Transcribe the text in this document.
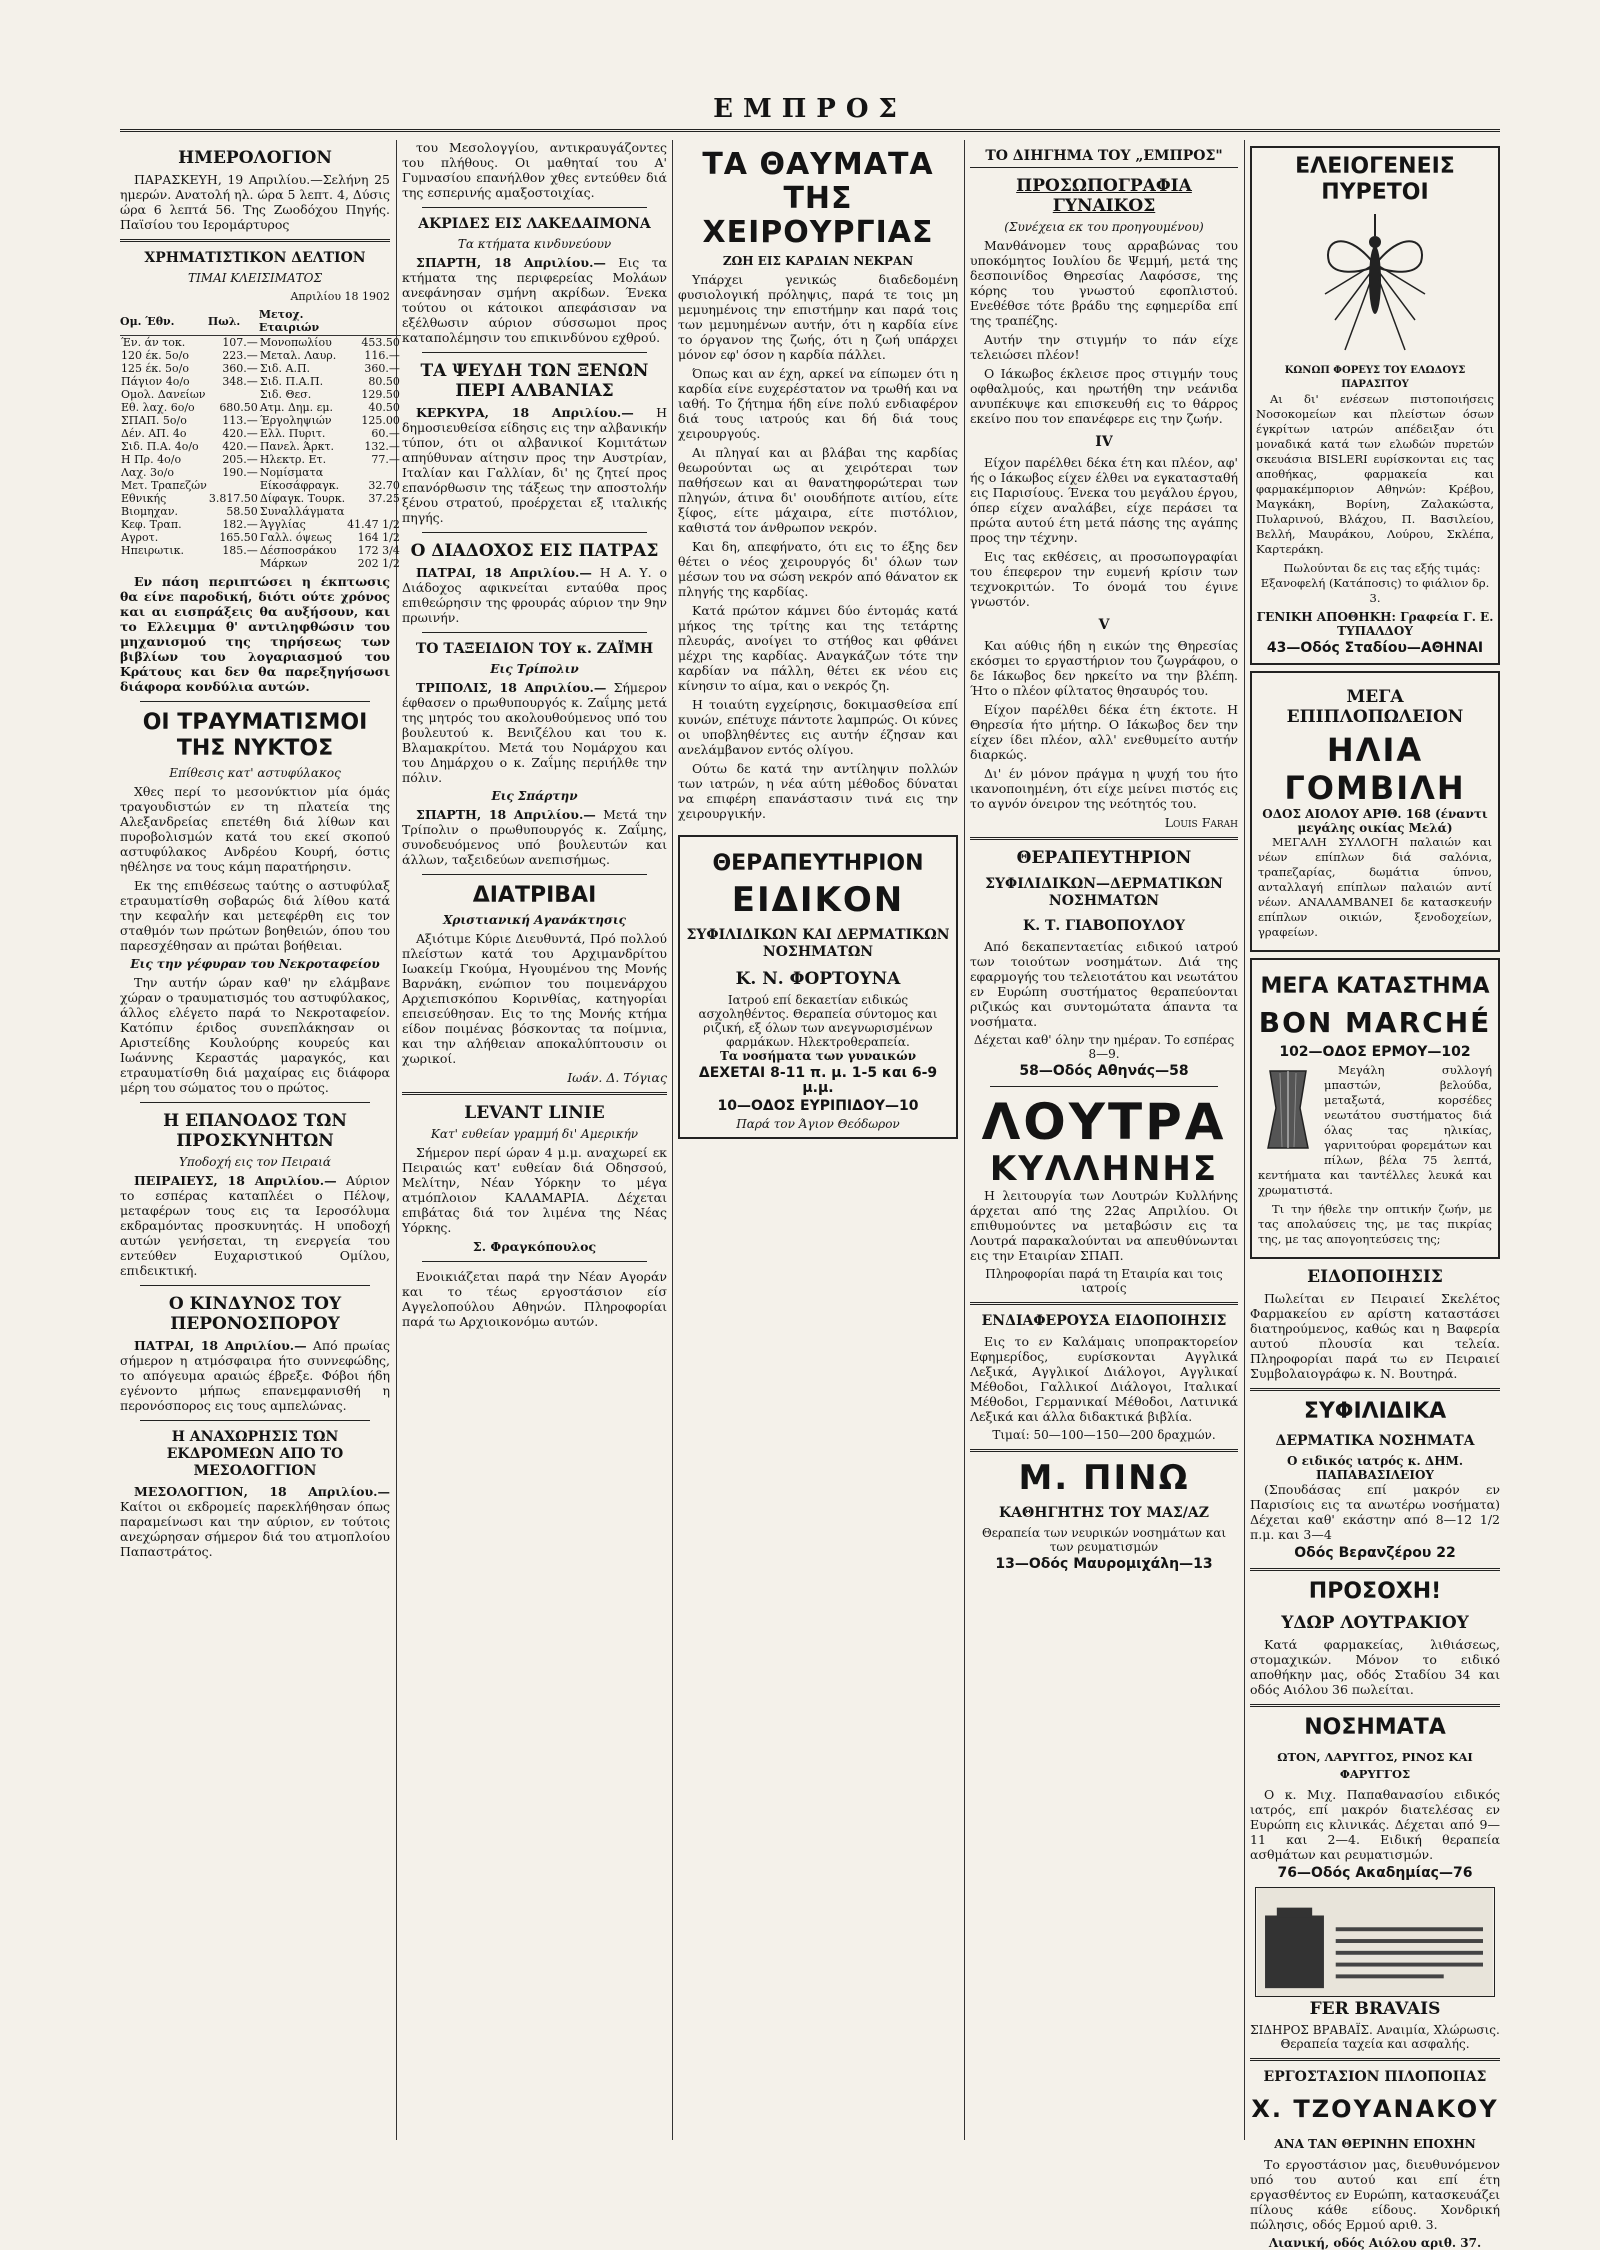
ΕΜΠΡΟΣ
ΗΜΕΡΟΛΟΓΙΟΝ

ΠΑΡΑΣΚΕΥΗ, 19 Απριλίου.—Σελήνη 25 ημερών. Ανατολή ηλ. ώρα 5 λεπτ. 4, Δύσις ώρα 6 λεπτά 56. Της Ζωοδόχου Πηγής. Παϊσίου του Ιερομάρτυρος

ΧΡΗΜΑΤΙΣΤΙΚΟΝ ΔΕΛΤΙΟΝ
ΤΙΜΑΙ ΚΛΕΙΣΙΜΑΤΟΣ
Απριλίου 18 1902
Ομ. Έθν.	Πωλ.	Μετοχ. Εταιριών	
Έν. άν τοκ.	107.—	Μονοπωλίου	453.50
120 έκ. 5ο/ο	223.—	Μεταλ. Λαυρ.	116.—
125 έκ. 5ο/ο	360.—	Σιδ. Α.Π.	360.—
Πάγιον 4ο/ο	348.—	Σιδ. Π.Α.Π.	80.50
Ομολ. Δανείων		Σιδ. Θεσ.	129.50
Εθ. λαχ. 6ο/ο	680.50	Ατμ. Δημ. εμ.	40.50
ΣΠΑΠ. 5ο/ο	113.—	Έργοληψιών	125.00
Δέν. ΑΠ. 4ο	420.—	Ελλ. Πυριτ.	60.—
Σιδ. Π.Α. 4ο/ο	420.—	Πανελ. Άρκτ.	132.—
Η Πρ. 4ο/ο	205.—	Ηλεκτρ. Ετ.	77.—
Λαχ. 3ο/ο	190.—	Νομίσματα	
Μετ. Τραπεζών		Είκοσάφραγκ.	32.70
Εθνικής	3.817.50	Δίφαγκ. Τουρκ.	37.25
Βιομηχαν.	58.50	Συναλλάγματα	
Κεφ. Τραπ.	182.—	Άγγλίας	41.47 1/2
Αγροτ.	165.50	Γαλλ. όψεως	164 1/2
Ηπειρωτικ.	185.—	Δέσποσράκου	172 3/4
		Μάρκων	202 1/2

Εν πάση περιπτώσει η έκπτωσις θα είνε παροδική, διότι ούτε χρόνος και αι εισπράξεις θα αυξήσουν, και το Ελλειμμα θ' αντιληφθώσιν του μηχανισμού της τηρήσεως των βιβλίων του λογαριασμού του Κράτους και δεν θα παρεξηγήσωσι διάφορα κονδύλια αυτών.

ΟΙ ΤΡΑΥΜΑΤΙΣΜΟΙ ΤΗΣ ΝΥΚΤΟΣ
Επίθεσις κατ' αστυφύλακος

Χθες περί το μεσονύκτιον μία όμάς τραγουδιστών εν τη πλατεία της Αλεξανδρείας επετέθη διά λίθων και πυροβολισμών κατά του εκεί σκοπού αστυφύλακος Ανδρέου Κουρή, όστις ηθέλησε να τους κάμη παρατήρησιν.

Εκ της επιθέσεως ταύτης ο αστυφύλαξ ετραυματίσθη σοβαρώς διά λίθου κατά την κεφαλήν και μετεφέρθη εις τον σταθμόν των πρώτων βοηθειών, όπου του παρεσχέθησαν αι πρώται βοήθειαι.

Εις την γέφυραν του Νεκροταφείου

Την αυτήν ώραν καθ' ην ελάμβανε χώραν ο τραυματισμός του αστυφύλακος, άλλος ελέγετο παρά το Νεκροταφείον. Κατόπιν έριδος συνεπλάκησαν οι Αριστείδης Κουλούρης κουρεύς και Ιωάννης Κεραστάς μαραγκός, και ετραυματίσθη διά μαχαίρας εις διάφορα μέρη του σώματος του ο πρώτος.

Η ΕΠΑΝΟΔΟΣ ΤΩΝ ΠΡΟΣΚΥΝΗΤΩΝ
Υποδοχή εις τον Πειραιά

ΠΕΙΡΑΙΕΥΣ, 18 Απριλίου.— Αύριον το εσπέρας καταπλέει ο Πέλοψ, μεταφέρων τους εις τα Ιεροσόλυμα εκδραμόντας προσκυνητάς. Η υποδοχή αυτών γενήσεται, τη ενεργεία του εντεύθεν Ευχαριστικού Ομίλου, επιδεικτική.

Ο ΚΙΝΔΥΝΟΣ ΤΟΥ ΠΕΡΟΝΟΣΠΟΡΟΥ

ΠΑΤΡΑΙ, 18 Απριλίου.— Από πρωίας σήμερον η ατμόσφαιρα ήτο συννεφώδης, το απόγευμα αραιώς έβρεξε. Φόβοι ήδη εγένοντο μήπως επανεμφανισθή η περονόσπορος εις τους αμπελώνας.

Η ΑΝΑΧΩΡΗΣΙΣ ΤΩΝ ΕΚΔΡΟΜΕΩΝ ΑΠΟ ΤΟ ΜΕΣΟΛΟΓΓΙΟΝ

ΜΕΣΟΛΟΓΓΙΟΝ, 18 Απριλίου.— Καίτοι οι εκδρομείς παρεκλήθησαν όπως παραμείνωσι και την αύριον, εν τούτοις ανεχώρησαν σήμερον διά του ατμοπλοίου Παπαστράτος.

του Μεσολογγίου, αντικραυγάζοντες του πλήθους. Οι μαθηταί του Α' Γυμνασίου επανήλθον χθες εντεύθεν διά της εσπερινής αμαξοστοιχίας.

ΑΚΡΙΔΕΣ ΕΙΣ ΛΑΚΕΔΑΙΜΟΝΑ
Τα κτήματα κινδυνεύουν

ΣΠΑΡΤΗ, 18 Απριλίου.— Εις τα κτήματα της περιφερείας Μολάων ανεφάνησαν σμήνη ακρίδων. Ένεκα τούτου οι κάτοικοι απεφάσισαν να εξέλθωσιν αύριον σύσσωμοι προς καταπολέμησιν του επικινδύνου εχθρού.

ΤΑ ΨΕΥΔΗ ΤΩΝ ΞΕΝΩΝ ΠΕΡΙ ΑΛΒΑΝΙΑΣ

ΚΕΡΚΥΡΑ, 18 Απριλίου.— Η δημοσιευθείσα είδησις εις την αλβανικήν τύπον, ότι οι αλβανικοί Κομιτάτων απηύθυναν αίτησιν προς την Αυστρίαν, Ιταλίαν και Γαλλίαν, δι' ης ζητεί προς επανόρθωσιν της τάξεως την αποστολήν ξένου στρατού, προέρχεται εξ ιταλικής πηγής.

Ο ΔΙΑΔΟΧΟΣ ΕΙΣ ΠΑΤΡΑΣ

ΠΑΤΡΑΙ, 18 Απριλίου.— Η Α. Υ. ο Διάδοχος αφικνείται ενταύθα προς επιθεώρησιν της φρουράς αύριον την 9ην πρωινήν.

ΤΟ ΤΑΞΕΙΔΙΟΝ ΤΟΥ κ. ΖΑΪΜΗ
Εις Τρίπολιν

ΤΡΙΠΟΛΙΣ, 18 Απριλίου.— Σήμερον έφθασεν ο πρωθυπουργός κ. Ζαΐμης μετά της μητρός του ακολουθούμενος υπό του βουλευτού κ. Βενιζέλου και του κ. Βλαμακρίτου. Μετά του Νομάρχου και του Δημάρχου ο κ. Ζαΐμης περιήλθε την πόλιν.

Εις Σπάρτην

ΣΠΑΡΤΗ, 18 Απριλίου.— Μετά την Τρίπολιν ο πρωθυπουργός κ. Ζαΐμης, συνοδευόμενος υπό βουλευτών και άλλων, ταξειδεύων ανεπισήμως.

ΔΙΑΤΡΙΒΑΙ
Χριστιανική Αγανάκτησις

Αξιότιμε Κύριε Διευθυντά, Πρό πολλού πλείστων κατά του Αρχιμανδρίτου Ιωακείμ Γκούμα, Ηγουμένου της Μονής Βαρνάκη, ενώπιον του ποιμενάρχου Αρχιεπισκόπου Κορινθίας, κατηγορίαι επεισεύθησαν. Εις το της Μονής κτήμα είδον ποιμένας βόσκοντας τα ποίμνια, και την αλήθειαν αποκαλύπτουσιν οι χωρικοί.

Ιωάν. Δ. Τόγιας
LEVANT LINIE
Κατ' ευθείαν γραμμή δι' Αμερικήν

Σήμερον περί ώραν 4 μ.μ. αναχωρεί εκ Πειραιώς κατ' ευθείαν διά Οδησσού, Μελίτην, Νέαν Υόρκην το μέγα ατμόπλοιον ΚΑΛΑΜΑΡΙΑ. Δέχεται επιβάτας διά τον λιμένα της Νέας Υόρκης.

Σ. Φραγκόπουλος

Ενοικιάζεται παρά την Νέαν Αγοράν και το τέως εργοστάσιον είσ Αγγελοπούλου Αθηνών. Πληροφορίαι παρά τω Αρχιοικονόμω αυτών.

ΤΑ ΘΑΥΜΑΤΑ ΤΗΣ ΧΕΙΡΟΥΡΓΙΑΣ
ΖΩΗ ΕΙΣ ΚΑΡΔΙΑΝ ΝΕΚΡΑΝ

Υπάρχει γενικώς διαδεδομένη φυσιολογική πρόληψις, παρά τε τοις μη μεμυημένοις την επιστήμην και παρά τοις των μεμυημένων αυτήν, ότι η καρδία είνε το όργανον της ζωής, ότι η ζωή υπάρχει μόνον εφ' όσον η καρδία πάλλει.

Όπως και αν έχη, αρκεί να είπωμεν ότι η καρδία είνε ευχερέστατον να τρωθή και να ιαθή. Το ζήτημα ήδη είνε πολύ ενδιαφέρον διά τους ιατρούς και δή διά τους χειρουργούς.

Αι πληγαί και αι βλάβαι της καρδίας θεωρούνται ως αι χειρότεραι των παθήσεων και αι θανατηφορώτεραι των πληγών, άτινα δι' οιουδήποτε αιτίου, είτε ξίφος, είτε μάχαιρα, είτε πιστόλιον, καθιστά τον άνθρωπον νεκρόν.

Και δη, απεφήνατο, ότι εις το έξης δεν θέτει ο νέος χειρουργός δι' όλων των μέσων του να σώση νεκρόν από θάνατον εκ πληγής της καρδίας.

Κατά πρώτον κάμνει δύο έντομάς κατά μήκος της τρίτης και της τετάρτης πλευράς, ανοίγει το στήθος και φθάνει μέχρι της καρδίας. Αναγκάζων τότε την καρδίαν να πάλλη, θέτει εκ νέου εις κίνησιν το αίμα, και ο νεκρός ζη.

Η τοιαύτη εγχείρησις, δοκιμασθείσα επί κυνών, επέτυχε πάντοτε λαμπρώς. Οι κύνες οι υποβληθέντες εις αυτήν έζησαν και ανελάμβανον εντός ολίγου.

Ούτω δε κατά την αντίληψιν πολλών των ιατρών, η νέα αύτη μέθοδος δύναται να επιφέρη επανάστασιν τινά εις την χειρουργικήν.

ΘΕΡΑΠΕΥΤΗΡΙΟΝ
ΕΙΔΙΚΟΝ
ΣΥΦΙΛΙΔΙΚΩΝ ΚΑΙ ΔΕΡΜΑΤΙΚΩΝ ΝΟΣΗΜΑΤΩΝ
Κ. Ν. ΦΟΡΤΟΥΝΑ

Ιατρού επί δεκαετίαν ειδικώς ασχοληθέντος. Θεραπεία σύντομος και ριζική, εξ όλων των ανεγνωρισμένων φαρμάκων. Ηλεκτροθεραπεία.

Τα νοσήματα των γυναικών
ΔΕΧΕΤΑΙ 8-11 π. μ. 1-5 και 6-9 μ.μ.
10—ΟΔΟΣ ΕΥΡΙΠΙΔΟΥ—10
Παρά τον Άγιον Θεόδωρον
ΤΟ ΔΙΗΓΗΜΑ ΤΟΥ „ΕΜΠΡΟΣ"
ΠΡΟΣΩΠΟΓΡΑΦΙΑ ΓΥΝΑΙΚΟΣ
(Συνέχεια εκ του προηγουμένου)

Μανθάνομεν τους αρραβώνας του υποκόμητος Ιουλίου δε Ψεμμή, μετά της δεσποινίδος Θηρεσίας Λαφόσσε, της κόρης του γνωστού εφοπλιστού. Ενεθέθσε τότε βράδυ της εφημερίδα επί της τραπέζης.

Αυτήν την στιγμήν το πάν είχε τελειώσει πλέον!

Ο Ιάκωβος έκλεισε προς στιγμήν τους οφθαλμούς, και ηρωτήθη την νεάνιδα ανυπέκυψε και επισκευθή εις το θάρρος εκείνο που τον επανέφερε εις την ζωήν.

IV

Είχον παρέλθει δέκα έτη και πλέον, αφ' ής ο Ιάκωβος είχεν έλθει να εγκατασταθή εις Παρισίους. Ένεκα του μεγάλου έργου, όπερ είχεν αναλάβει, είχε περάσει τα πρώτα αυτού έτη μετά πάσης της αγάπης προς την τέχνην.

Εις τας εκθέσεις, αι προσωπογραφίαι του έπεφερον την ευμενή κρίσιν των τεχνοκριτών. Το όνομά του έγινε γνωστόν.

V

Και αύθις ήδη η εικών της Θηρεσίας εκόσμει το εργαστήριον του ζωγράφου, ο δε Ιάκωβος δεν ηρκείτο να την βλέπη. Ήτο ο πλέον φίλτατος θησαυρός του.

Είχον παρέλθει δέκα έτη έκτοτε. Η Θηρεσία ήτο μήτηρ. Ο Ιάκωβος δεν την είχεν ίδει πλέον, αλλ' ενεθυμείτο αυτήν διαρκώς.

Δι' έν μόνον πράγμα η ψυχή του ήτο ικανοποιημένη, ότι είχε μείνει πιστός εις το αγνόν όνειρον της νεότητός του.

Louis Farah
ΘΕΡΑΠΕΥΤΗΡΙΟΝ
ΣΥΦΙΛΙΔΙΚΩΝ—ΔΕΡΜΑΤΙΚΩΝ ΝΟΣΗΜΑΤΩΝ
Κ. Τ. ΓΙΑΒΟΠΟΥΛΟΥ

Από δεκαπενταετίας ειδικού ιατρού των τοιούτων νοσημάτων. Διά της εφαρμογής του τελειοτάτου και νεωτάτου εν Ευρώπη συστήματος θεραπεύονται ριζικώς και συντομώτατα άπαντα τα νοσήματα.

Δέχεται καθ' όλην την ημέραν. Το εσπέρας 8—9.
58—Οδός Αθηνάς—58
ΛΟΥΤΡΑ
ΚΥΛΛΗΝΗΣ

Η λειτουργία των Λουτρών Κυλλήνης άρχεται από της 22ας Απριλίου. Οι επιθυμούντες να μεταβώσιν εις τα Λουτρά παρακαλούνται να απευθύνωνται εις την Εταιρίαν ΣΠΑΠ.

Πληροφορίαι παρά τη Εταιρία και τοις ιατροίς
ΕΝΔΙΑΦΕΡΟΥΣΑ ΕΙΔΟΠΟΙΗΣΙΣ

Εις το εν Καλάμαις υποπρακτορείον Εφημερίδος, ευρίσκονται Αγγλικά Λεξικά, Αγγλικοί Διάλογοι, Αγγλικαί Μέθοδοι, Γαλλικοί Διάλογοι, Ιταλικαί Μέθοδοι, Γερμανικαί Μέθοδοι, Λατινικά Λεξικά και άλλα διδακτικά βιβλία.

Τιμαί: 50—100—150—200 δραχμών.
Μ. ΠΙΝΩ
ΚΑΘΗΓΗΤΗΣ ΤΟΥ ΜΑΣ/ΑΖ
Θεραπεία των νευρικών νοσημάτων και των ρευματισμών
13—Οδός Μαυρομιχάλη—13
ΕΛΕΙΟΓΕΝΕΙΣ ΠΥΡΕΤΟΙ
ΚΩΝΩΠ ΦΟΡΕΥΣ ΤΟΥ ΕΛΩΔΟΥΣ ΠΑΡΑΣΙΤΟΥ

Αι δι' ενέσεων πιστοποιήσεις Νοσοκομείων και πλείστων όσων έγκρίτων ιατρών απέδειξαν ότι μοναδικά κατά των ελωδών πυρετών σκευάσια BISLERI ευρίσκονται εις τας αποθήκας, φαρμακεία και φαρμακέμποριον Αθηνών: Κρέβου, Μαγκάκη, Βορίνη, Ζαλακώστα, Πυλαρινού, Βλάχου, Π. Βασιλείου, Βελλή, Μαυράκου, Λούρου, Σκλέπα, Καρτεράκη.

Πωλούνται δε εις τας εξής τιμάς: Εξανοφελή (Κατάποσις) το φιάλιον δρ. 3.

ΓΕΝΙΚΗ ΑΠΟΘΗΚΗ: Γραφεία Γ. Ε. ΤΥΠΑΛΔΟΥ
43—Οδός Σταδίου—ΑΘΗΝΑΙ
ΜΕΓΑ ΕΠΙΠΛΟΠΩΛΕΙΟΝ
ΗΛΙΑ ΓΟΜΒΙΛΗ
ΟΔΟΣ ΑΙΟΛΟΥ ΑΡΙΘ. 168 (έναντι μεγάλης οικίας Μελά)

ΜΕΓΑΛΗ ΣΥΛΛΟΓΗ παλαιών και νέων επίπλων διά σαλόνια, τραπεζαρίας, δωμάτια ύπνου, ανταλλαγή επίπλων παλαιών αντί νέων. ΑΝΑΛΑΜΒΑΝΕΙ δε κατασκευήν επίπλων οικιών, ξενοδοχείων, γραφείων.

ΜΕΓΑ ΚΑΤΑΣΤΗΜΑ
BON MARCHÉ
102—ΟΔΟΣ ΕΡΜΟΥ—102

Μεγάλη συλλογή μπαστών, βελούδα, μεταξωτά, κορσέδες νεωτάτου συστήματος διά όλας τας ηλικίας, γαρνιτούραι φορεμάτων και πίλων, βέλα 75 λεπτά, κεντήματα και ταντέλλες λευκά και χρωματιστά.

Τι την ήθελε την οπτικήν ζωήν, με τας απολαύσεις της, με τας πικρίας της, με τας απογοητεύσεις της;

ΕΙΔΟΠΟΙΗΣΙΣ

Πωλείται εν Πειραιεί Σκελέτος Φαρμακείου εν αρίστη καταστάσει διατηρούμενος, καθώς και η Βαφερία αυτού πλουσία και τελεία. Πληροφορίαι παρά τω εν Πειραιεί Συμβολαιογράφω κ. Ν. Βουτηρά.

ΣΥΦΙΛΙΔΙΚΑ
ΔΕΡΜΑΤΙΚΑ ΝΟΣΗΜΑΤΑ
Ο ειδικός ιατρός κ. ΔΗΜ. ΠΑΠΑΒΑΣΙΛΕΙΟΥ

(Σπουδάσας επί μακρόν εν Παρισίοις εις τα ανωτέρω νοσήματα) Δέχεται καθ' εκάστην από 8—12 1/2 π.μ. και 3—4

Οδός Βερανζέρου 22
ΠΡΟΣΟΧΗ!
ΥΔΩΡ ΛΟΥΤΡΑΚΙΟΥ

Κατά φαρμακείας, λιθιάσεως, στομαχικών. Μόνον το ειδικό αποθήκην μας, οδός Σταδίου 34 και οδός Αιόλου 36 πωλείται.

ΝΟΣΗΜΑΤΑ
ΩΤΟΝ, ΛΑΡΥΓΓΟΣ, ΡΙΝΟΣ ΚΑΙ ΦΑΡΥΓΓΟΣ

Ο κ. Μιχ. Παπαθανασίου ειδικός ιατρός, επί μακρόν διατελέσας εν Ευρώπη εις κλινικάς. Δέχεται από 9—11 και 2—4. Ειδική θεραπεία ασθμάτων και ρευματισμών.

76—Οδός Ακαδημίας—76
FER BRAVAIS
ΣΙΔΗΡΟΣ ΒΡΑΒΑΪΣ. Αναιμία, Χλώρωσις. Θεραπεία ταχεία και ασφαλής.
ΕΡΓΟΣΤΑΣΙΟΝ ΠΙΛΟΠΟΙΙΑΣ
Χ. ΤΖΟΥΑΝΑΚΟΥ
ΑΝΑ ΤΑΝ ΘΕΡΙΝΗΝ ΕΠΟΧΗΝ

Το εργοστάσιον μας, διευθυνόμενον υπό του αυτού και επί έτη εργασθέντος εν Ευρώπη, κατασκευάζει πίλους κάθε είδους. Χονδρική πώλησις, οδός Ερμού αριθ. 3.

Λιανική, οδός Αιόλου αριθ. 37.
